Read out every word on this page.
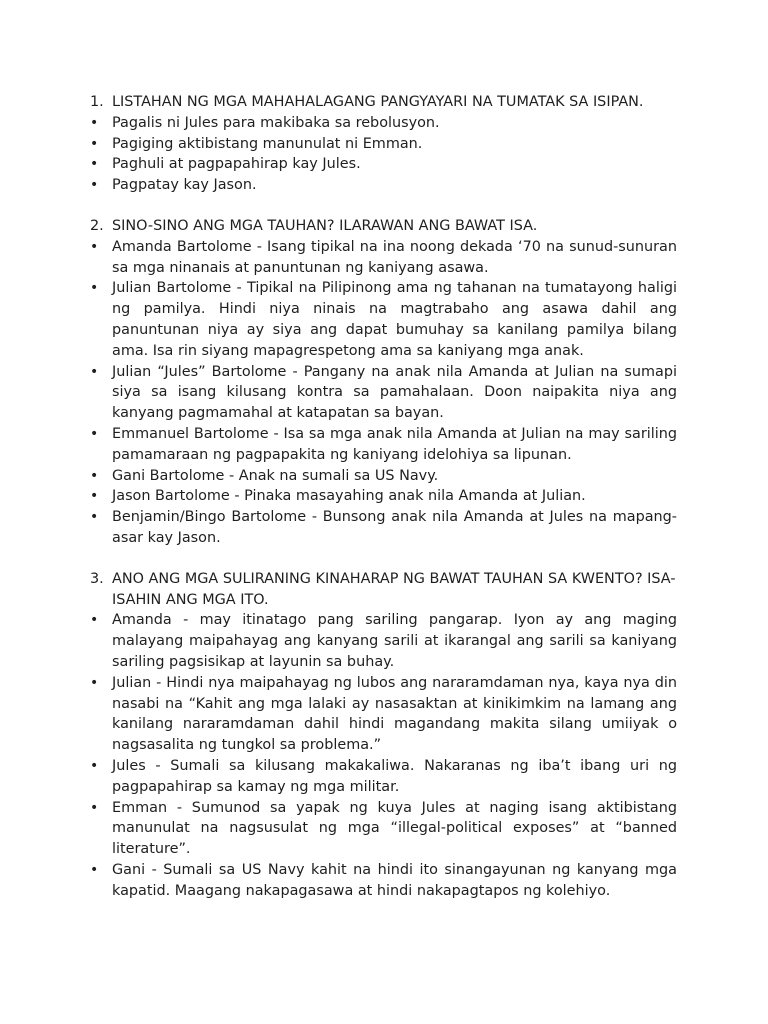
1. LISTAHAN NG MGA MAHAHALAGANG PANGYAYARI NA TUMATAK SA ISIPAN.
• Pagalis ni Jules para makibaka sa rebolusyon.
• Pagiging aktibistang manunulat ni Emman.
• Paghuli at pagpapahirap kay Jules.
• Pagpatay kay Jason.
2. SINO-SINO ANG MGA TAUHAN? ILARAWAN ANG BAWAT ISA.
• Amanda Bartolome - Isang tipikal na ina noong dekada ‘70 na sunud-sunuran sa mga ninanais at panuntunan ng kaniyang asawa.
• Julian Bartolome - Tipikal na Pilipinong ama ng tahanan na tumatayong haligi ng pamilya. Hindi niya ninais na magtrabaho ang asawa dahil ang panuntunan niya ay siya ang dapat bumuhay sa kanilang pamilya bilang ama. Isa rin siyang mapagrespetong ama sa kaniyang mga anak.
• Julian “Jules” Bartolome - Pangany na anak nila Amanda at Julian na sumapi siya sa isang kilusang kontra sa pamahalaan. Doon naipakita niya ang kanyang pagmamahal at katapatan sa bayan.
• Emmanuel Bartolome - Isa sa mga anak nila Amanda at Julian na may sariling pamamaraan ng pagpapakita ng kaniyang idelohiya sa lipunan.
• Gani Bartolome - Anak na sumali sa US Navy.
• Jason Bartolome - Pinaka masayahing anak nila Amanda at Julian.
• Benjamin/Bingo Bartolome - Bunsong anak nila Amanda at Jules na mapang-asar kay Jason.
3. ANO ANG MGA SULIRANING KINAHARAP NG BAWAT TAUHAN SA KWENTO? ISA-ISAHIN ANG MGA ITO.
• Amanda - may itinatago pang sariling pangarap. Iyon ay ang maging malayang maipahayag ang kanyang sarili at ikarangal ang sarili sa kaniyang sariling pagsisikap at layunin sa buhay.
• Julian - Hindi nya maipahayag ng lubos ang nararamdaman nya, kaya nya din nasabi na “Kahit ang mga lalaki ay nasasaktan at kinikimkim na lamang ang kanilang nararamdaman dahil hindi magandang makita silang umiiyak o nagsasalita ng tungkol sa problema.”
• Jules - Sumali sa kilusang makakaliwa. Nakaranas ng iba’t ibang uri ng pagpapahirap sa kamay ng mga militar.
• Emman - Sumunod sa yapak ng kuya Jules at naging isang aktibistang manunulat na nagsusulat ng mga “illegal-political exposes” at “banned literature”.
• Gani - Sumali sa US Navy kahit na hindi ito sinangayunan ng kanyang mga kapatid. Maagang nakapagasawa at hindi nakapagtapos ng kolehiyo.
